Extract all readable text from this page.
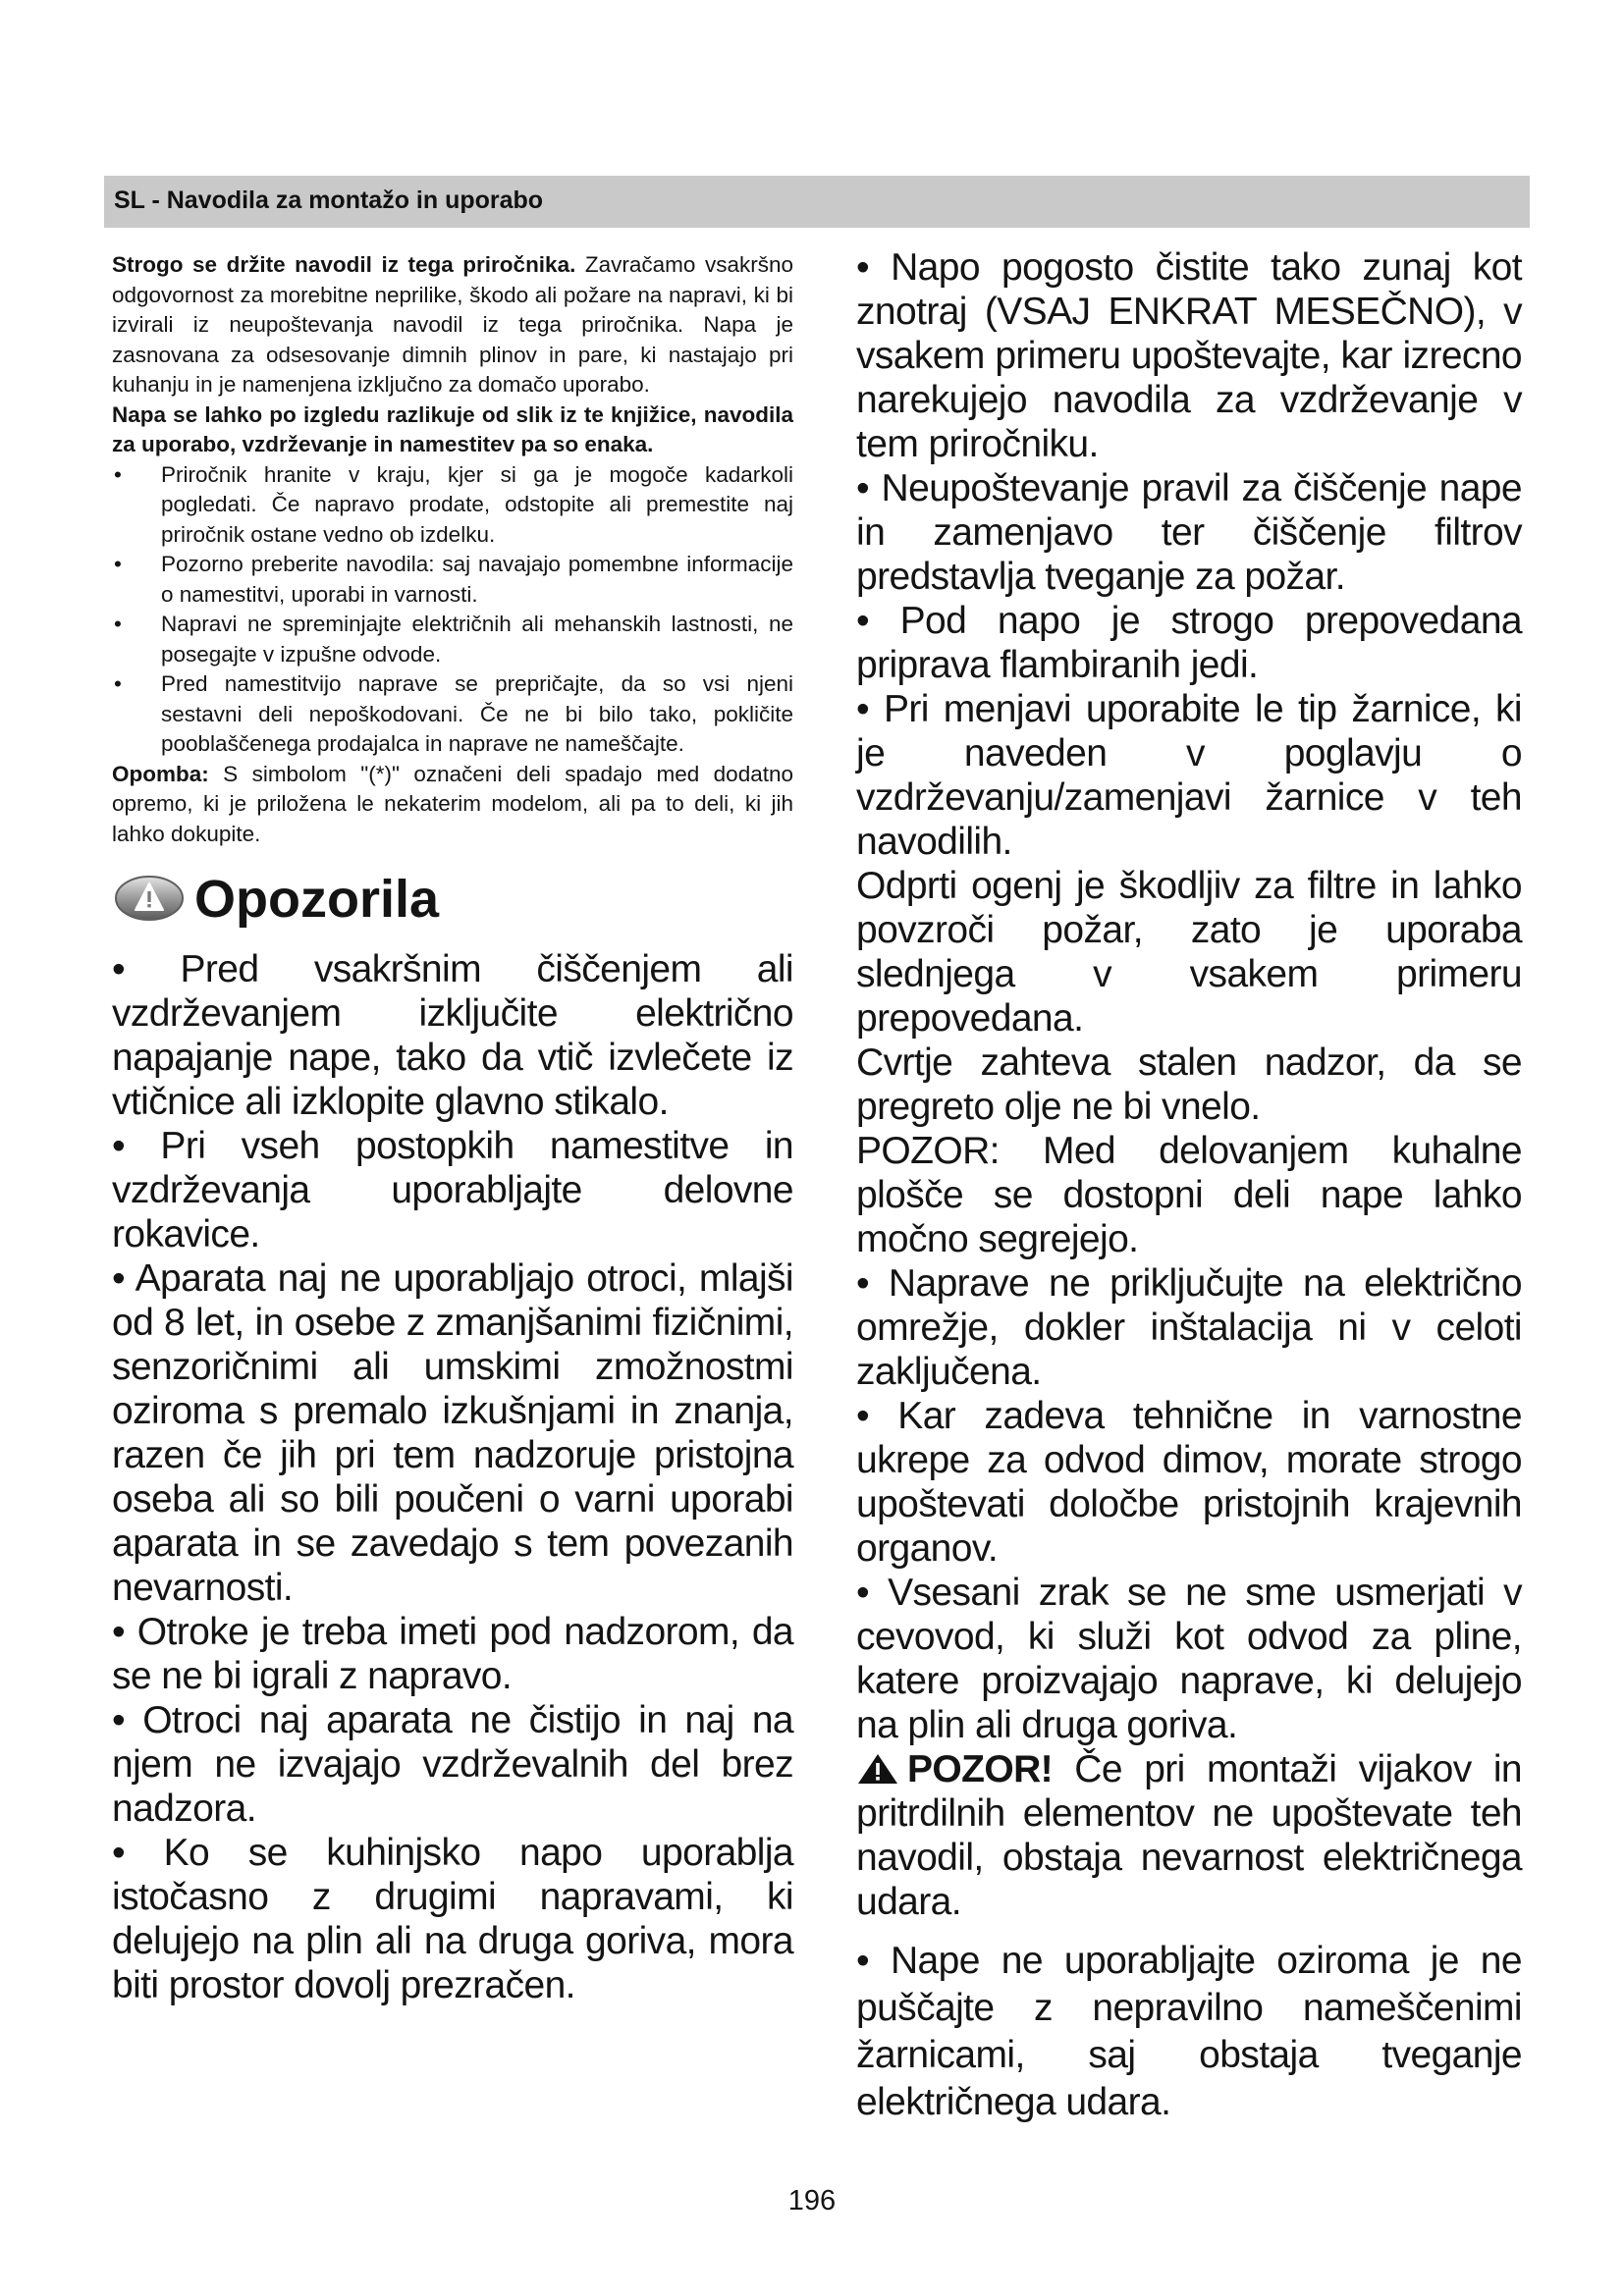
SL - Navodila za montažo in uporabo

Strogo se držite navodil iz tega priročnika. Zavračamo vsakršno odgovornost za morebitne neprilike, škodo ali požare na napravi, ki bi izvirali iz neupoštevanja navodil iz tega priročnika. Napa je zasnovana za odsesovanje dimnih plinov in pare, ki nastajajo pri kuhanju in je namenjena izključno za domačo uporabo.

Napa se lahko po izgledu razlikuje od slik iz te knjižice, navodila za uporabo, vzdrževanje in namestitev pa so enaka.

• Priročnik hranite v kraju, kjer si ga je mogoče kadarkoli pogledati. Če napravo prodate, odstopite ali premestite naj priročnik ostane vedno ob izdelku.
• Pozorno preberite navodila: saj navajajo pomembne informacije o namestitvi, uporabi in varnosti.
• Napravi ne spreminjajte električnih ali mehanskih lastnosti, ne posegajte v izpušne odvode.
• Pred namestitvijo naprave se prepričajte, da so vsi njeni sestavni deli nepoškodovani. Če ne bi bilo tako, pokličite pooblaščenega prodajalca in naprave ne nameščajte.

Opomba: S simbolom "(*)" označeni deli spadajo med dodatno opremo, ki je priložena le nekaterim modelom, ali pa to deli, ki jih lahko dokupite.

Opozorila

• Pred vsakršnim čiščenjem ali vzdrževanjem izključite električno napajanje nape, tako da vtič izvlečete iz vtičnice ali izklopite glavno stikalo.

• Pri vseh postopkih namestitve in vzdrževanja uporabljajte delovne rokavice.

• Aparata naj ne uporabljajo otroci, mlajši od 8 let, in osebe z zmanjšanimi fizičnimi, senzoričnimi ali umskimi zmožnostmi oziroma s premalo izkušnjami in znanja, razen če jih pri tem nadzoruje pristojna oseba ali so bili poučeni o varni uporabi aparata in se zavedajo s tem povezanih nevarnosti.

• Otroke je treba imeti pod nadzorom, da se ne bi igrali z napravo.

• Otroci naj aparata ne čistijo in naj na njem ne izvajajo vzdrževalnih del brez nadzora.

• Ko se kuhinjsko napo uporablja istočasno z drugimi napravami, ki delujejo na plin ali na druga goriva, mora biti prostor dovolj prezračen.

• Napo pogosto čistite tako zunaj kot znotraj (VSAJ ENKRAT MESEČNO), v vsakem primeru upoštevajte, kar izrecno narekujejo navodila za vzdrževanje v tem priročniku.

• Neupoštevanje pravil za čiščenje nape in zamenjavo ter čiščenje filtrov predstavlja tveganje za požar.

• Pod napo je strogo prepovedana priprava flambiranih jedi.

• Pri menjavi uporabite le tip žarnice, ki je naveden v poglavju o vzdrževanju/zamenjavi žarnice v teh navodilih.

Odprti ogenj je škodljiv za filtre in lahko povzroči požar, zato je uporaba slednjega v vsakem primeru prepovedana.

Cvrtje zahteva stalen nadzor, da se pregreto olje ne bi vnelo.

POZOR: Med delovanjem kuhalne plošče se dostopni deli nape lahko močno segrejejo.

• Naprave ne priključujte na električno omrežje, dokler inštalacija ni v celoti zaključena.

• Kar zadeva tehnične in varnostne ukrepe za odvod dimov, morate strogo upoštevati določbe pristojnih krajevnih organov.

• Vsesani zrak se ne sme usmerjati v cevovod, ki služi kot odvod za pline, katere proizvajajo naprave, ki delujejo na plin ali druga goriva.

POZOR! Če pri montaži vijakov in pritrdilnih elementov ne upoštevate teh navodil, obstaja nevarnost električnega udara.

• Nape ne uporabljajte oziroma je ne puščajte z nepravilno nameščenimi žarnicami, saj obstaja tveganje električnega udara.

196
